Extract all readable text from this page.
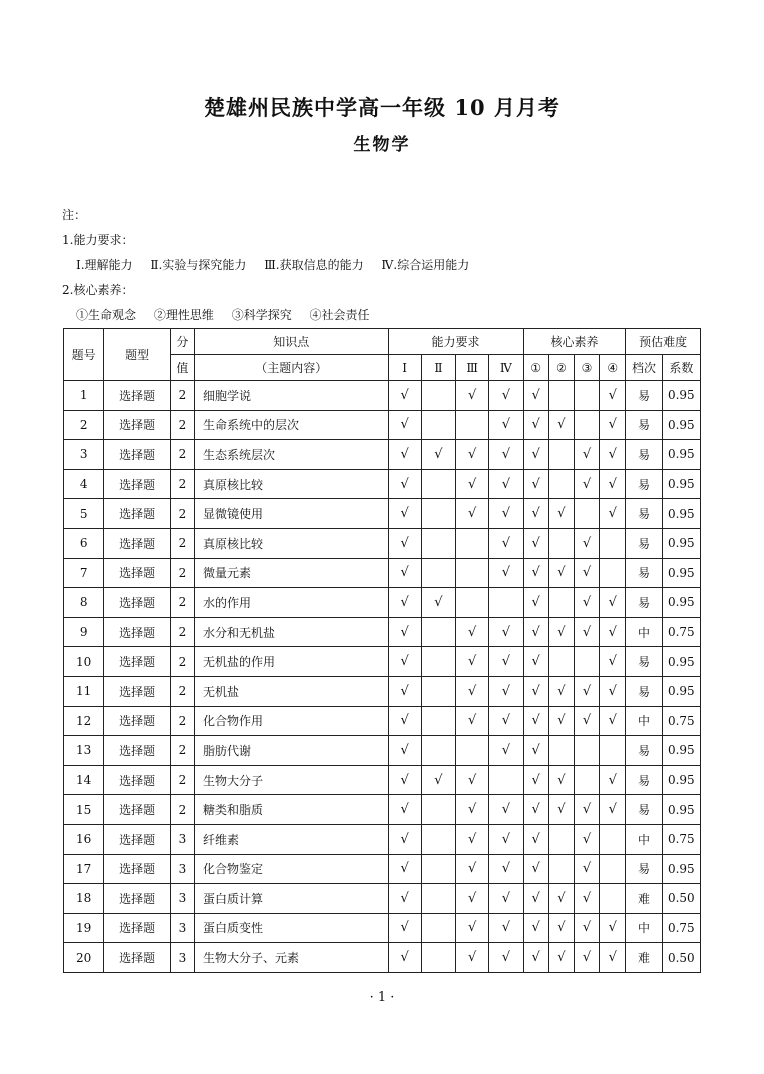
楚雄州民族中学高一年级 10 月月考
生物学
注：
1.能力要求：
Ⅰ.理解能力 Ⅱ.实验与探究能力 Ⅲ.获取信息的能力 Ⅳ.综合运用能力
2.核心素养：
①生命观念 ②理性思维 ③科学探究 ④社会责任
题号	题型	分	知识点	能力要求				核心素养				预估难度	
		值	（主题内容）	Ⅰ	Ⅱ	Ⅲ	Ⅳ	①	②	③	④	档次	系数
1	选择题	2	细胞学说	√		√	√	√			√	易	0.95
2	选择题	2	生命系统中的层次	√			√	√	√		√	易	0.95
3	选择题	2	生态系统层次	√	√	√	√	√		√	√	易	0.95
4	选择题	2	真原核比较	√		√	√	√		√	√	易	0.95
5	选择题	2	显微镜使用	√		√	√	√	√		√	易	0.95
6	选择题	2	真原核比较	√			√	√		√		易	0.95
7	选择题	2	微量元素	√			√	√	√	√		易	0.95
8	选择题	2	水的作用	√	√			√		√	√	易	0.95
9	选择题	2	水分和无机盐	√		√	√	√	√	√	√	中	0.75
10	选择题	2	无机盐的作用	√		√	√	√			√	易	0.95
11	选择题	2	无机盐	√		√	√	√	√	√	√	易	0.95
12	选择题	2	化合物作用	√		√	√	√	√	√	√	中	0.75
13	选择题	2	脂肪代谢	√			√	√				易	0.95
14	选择题	2	生物大分子	√	√	√		√	√		√	易	0.95
15	选择题	2	糖类和脂质	√		√	√	√	√	√	√	易	0.95
16	选择题	3	纤维素	√		√	√	√		√		中	0.75
17	选择题	3	化合物鉴定	√		√	√	√		√		易	0.95
18	选择题	3	蛋白质计算	√		√	√	√	√	√		难	0.50
19	选择题	3	蛋白质变性	√		√	√	√	√	√	√	中	0.75
20	选择题	3	生物大分子、元素	√		√	√	√	√	√	√	难	0.50
· 1 ·
